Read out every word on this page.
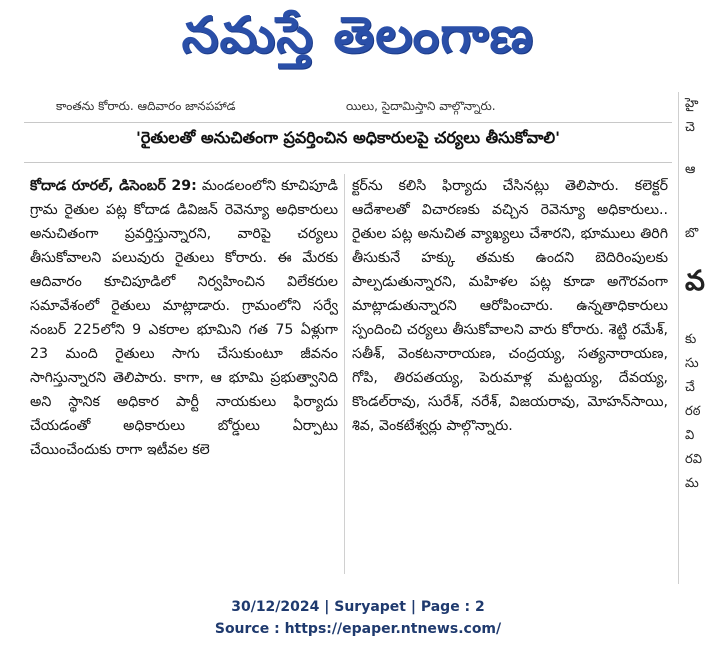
నమస్తే తెలంగాణ
కాంతను కోరారు. ఆదివారం జానపహాడ	యిలు, సైదామిస్తాని వాల్గొన్నారు.
'రైతులతో అనుచితంగా ప్రవర్తించిన అధికారులపై చర్యలు తీసుకోవాలి'

కోదాడ రూరల్, డిసెంబర్ 29: మండలంలోని కూచిపూడి గ్రామ రైతుల పట్ల కోదాడ డివిజన్ రెవెన్యూ అధికారులు అనుచితంగా ప్రవర్తిస్తున్నారని, వారిపై చర్యలు తీసుకోవాలని పలువురు రైతులు కోరారు. ఈ మేరకు ఆదివారం కూచిపూడిలో నిర్వహించిన విలేకరుల సమావేశంలో రైతులు మాట్లాడారు. గ్రామంలోని సర్వే నంబర్ 225లోని 9 ఎకరాల భూమిని గత 75 ఏళ్లుగా 23 మంది రైతులు సాగు చేసుకుంటూ జీవనం సాగిస్తున్నారని తెలిపారు. కాగా, ఆ భూమి ప్రభుత్వానిది అని స్థానిక అధికార పార్టీ నాయకులు ఫిర్యాదు చేయడంతో అధికారులు బోర్డులు ఏర్పాటు చేయించేందుకు రాగా ఇటీవల కలె

క్టర్‌ను కలిసి ఫిర్యాదు చేసినట్లు తెలిపారు. కలెక్టర్ ఆదేశాలతో విచారణకు వచ్చిన రెవెన్యూ అధికారులు.. రైతుల పట్ల అనుచిత వ్యాఖ్యలు చేశారని, భూములు తిరిగి తీసుకునే హక్కు తమకు ఉందని బెదిరింపులకు పాల్పడుతున్నారని, మహిళల పట్ల కూడా అగౌరవంగా మాట్లాడుతున్నారని ఆరోపించారు. ఉన్నతాధికారులు స్పందించి చర్యలు తీసుకోవాలని వారు కోరారు. శెట్టి రమేశ్, సతీశ్, వెంకటనారాయణ, చంద్రయ్య, సత్యనారాయణ, గోపి, తిరపతయ్య, పెరుమాళ్ల మట్టయ్య, దేవయ్య, కొండల్‌రావు, సురేశ్, నరేశ్, విజయరావు, మోహన్‌సాయి, శివ, వెంకటేశ్వర్లు పాల్గొన్నారు.

హై
చె
ఆ
బొ
వ
కు
సు
చే
రఠ
వి
రవి
మ
30/12/2024 | Suryapet | Page : 2
Source : https://epaper.ntnews.com/
